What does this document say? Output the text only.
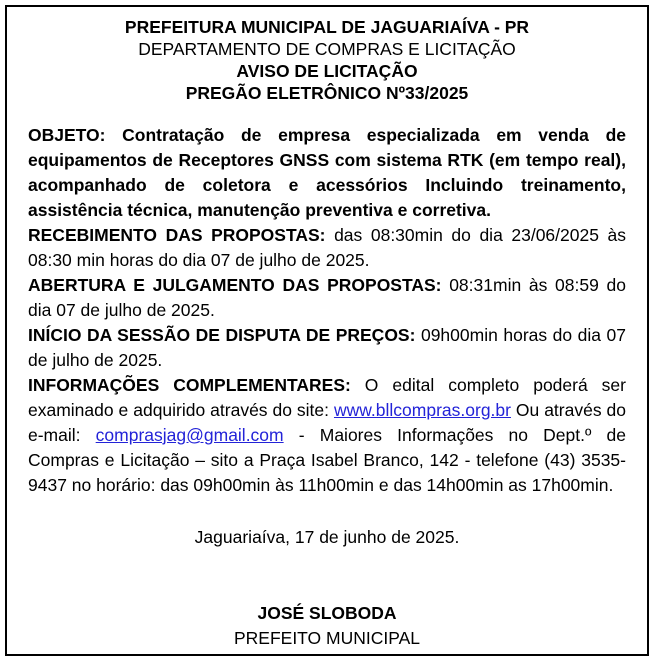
PREFEITURA MUNICIPAL DE JAGUARIAÍVA - PR

DEPARTAMENTO DE COMPRAS E LICITAÇÃO

AVISO DE LICITAÇÃO

PREGÃO ELETRÔNICO Nº33/2025

OBJETO: Contratação de empresa especializada em venda de equipamentos de Receptores GNSS com sistema RTK (em tempo real), acompanhado de coletora e acessórios Incluindo treinamento, assistência técnica, manutenção preventiva e corretiva.

RECEBIMENTO DAS PROPOSTAS: das 08:30min do dia 23/06/2025 às 08:30 min horas do dia 07 de julho de 2025.

ABERTURA E JULGAMENTO DAS PROPOSTAS: 08:31min às 08:59 do dia 07 de julho de 2025.

INÍCIO DA SESSÃO DE DISPUTA DE PREÇOS: 09h00min horas do dia 07 de julho de 2025.

INFORMAÇÕES COMPLEMENTARES: O edital completo poderá ser examinado e adquirido através do site: www.bllcompras.org.br Ou através do e-mail: comprasjag@gmail.com - Maiores Informações no Dept.º de Compras e Licitação – sito a Praça Isabel Branco, 142 - telefone (43) 3535-9437 no horário: das 09h00min às 11h00min e das 14h00min as 17h00min.

Jaguariaíva, 17 de junho de 2025.

JOSÉ SLOBODA

PREFEITO MUNICIPAL
